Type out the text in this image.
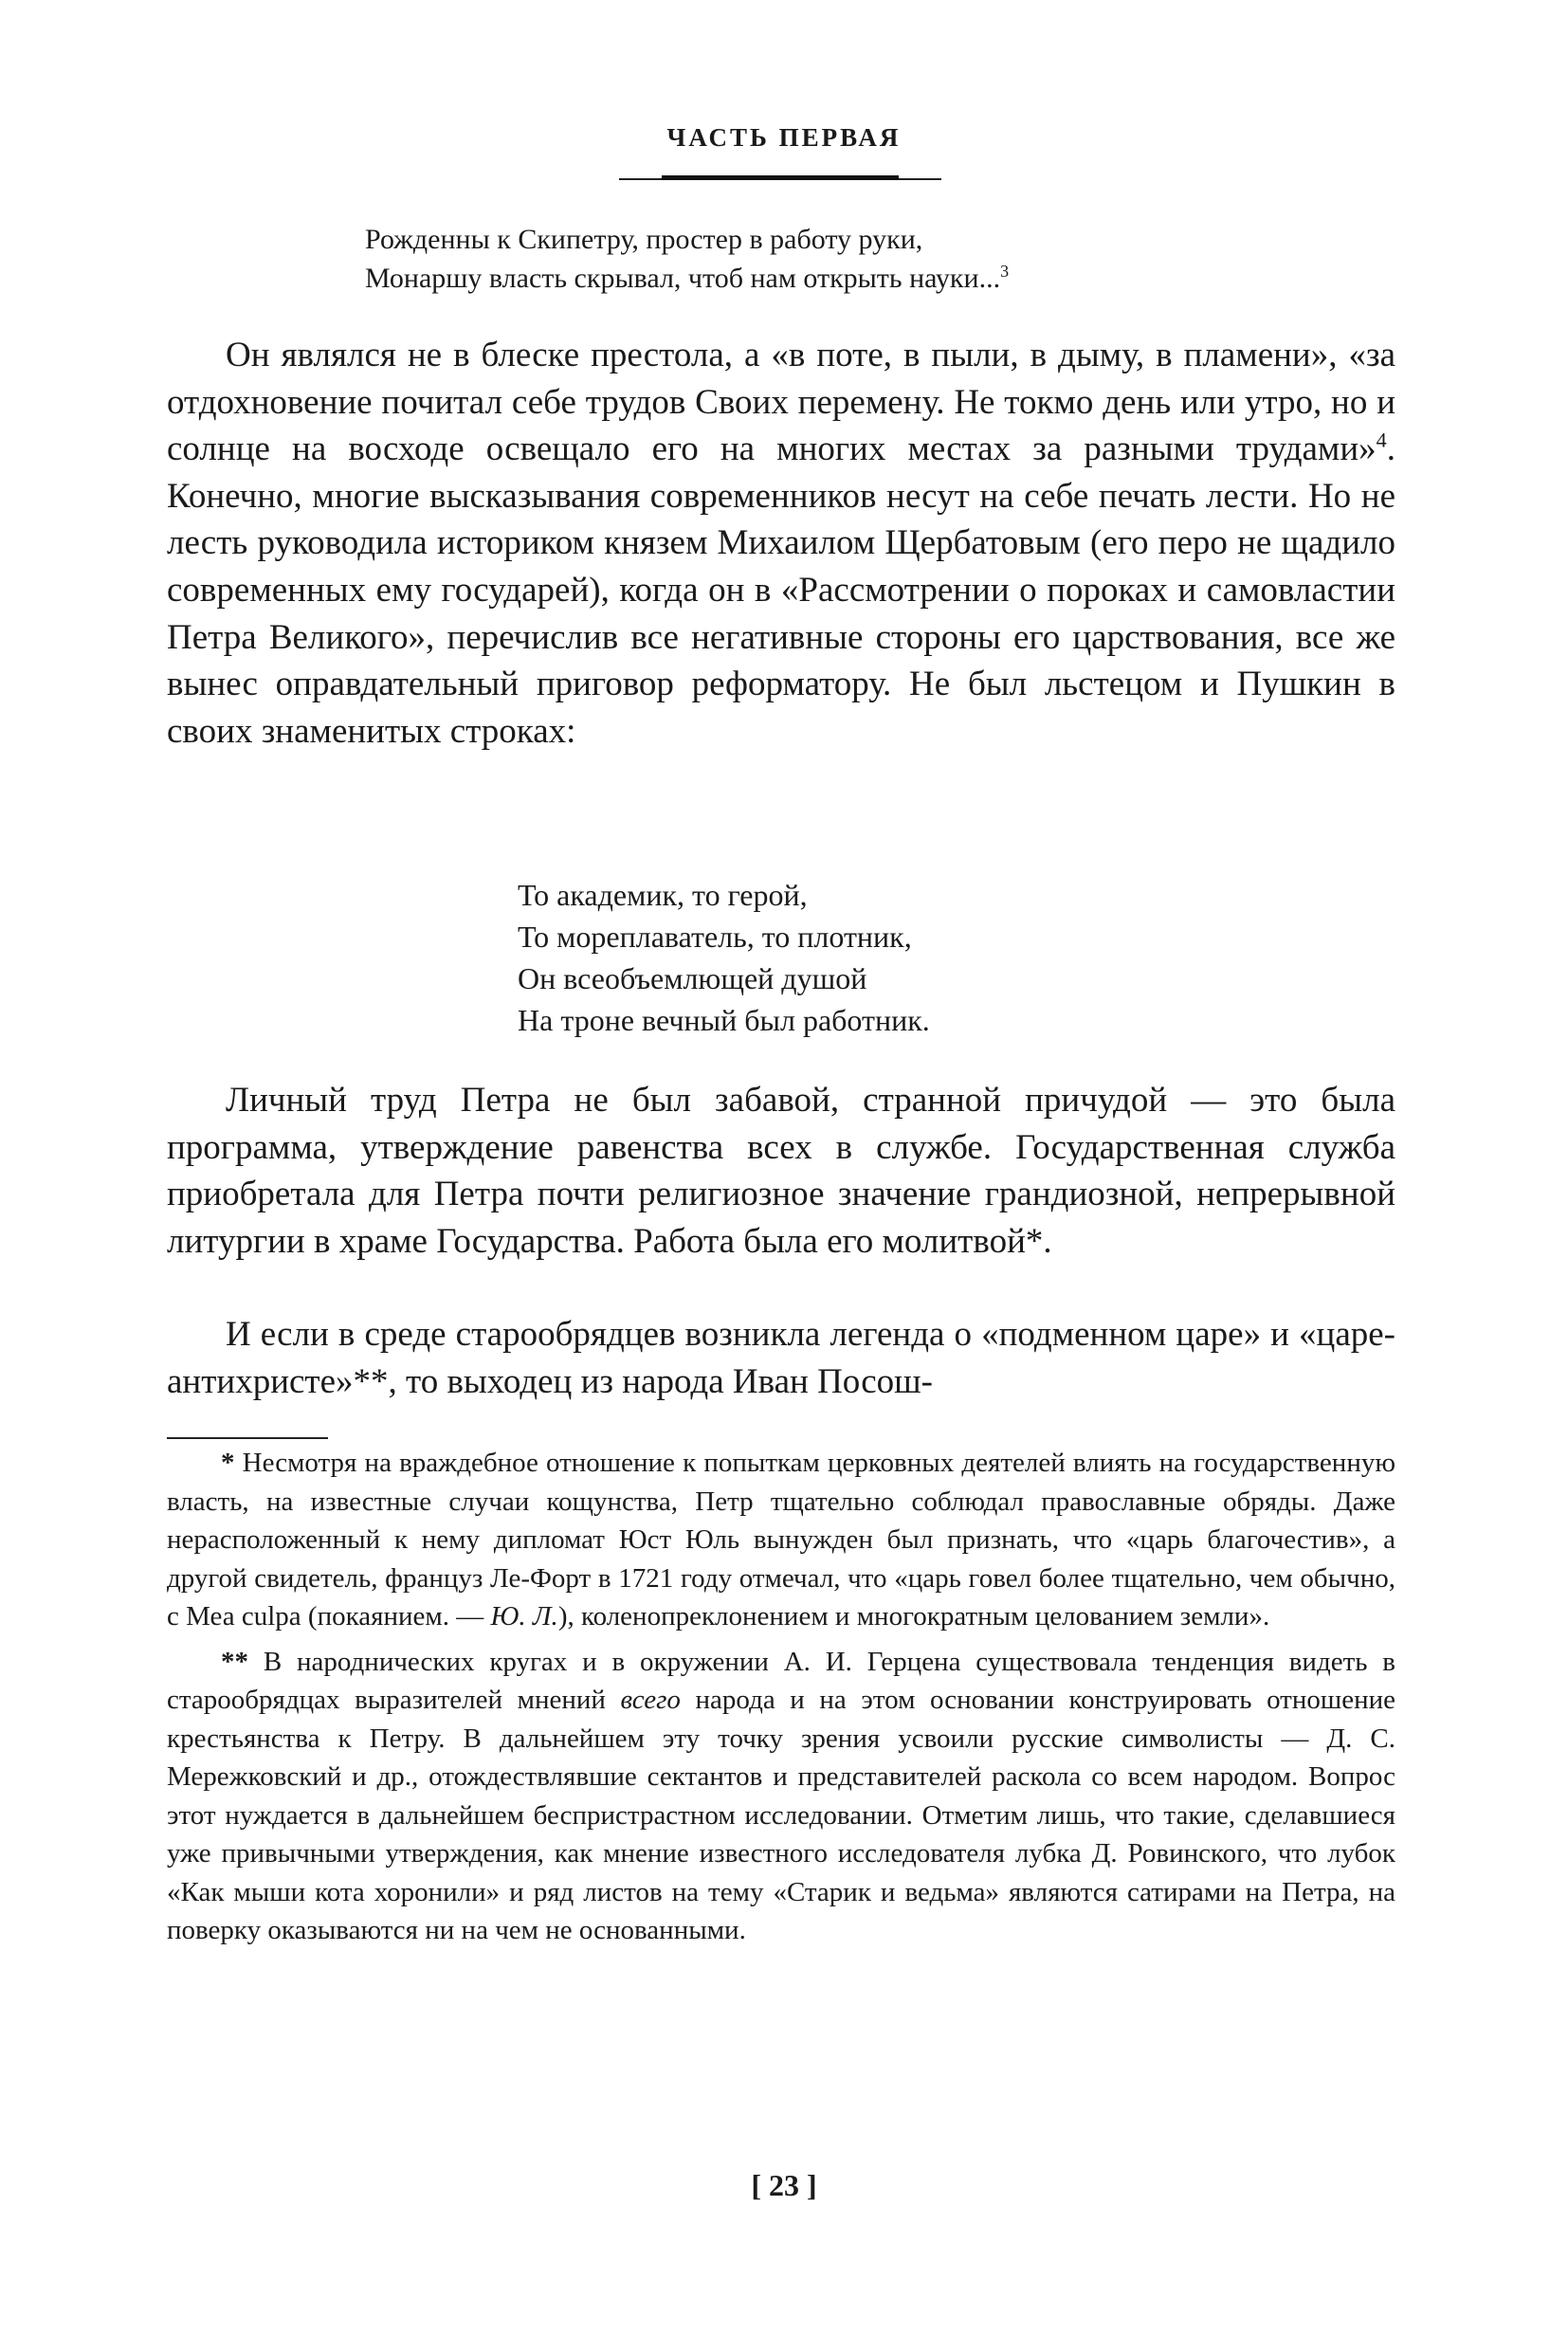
ЧАСТЬ ПЕРВАЯ
Рожденны к Скипетру, простер в работу руки,
Монаршу власть скрывал, чтоб нам открыть науки...$^3$

Он являлся не в блеске престола, а «в поте, в пыли, в дыму, в пламени», «за отдохновение почитал себе трудов Своих перемену. Не токмо день или утро, но и солнце на восходе освещало его на многих местах за разными трудами»$^4$. Конечно, многие высказывания современников несут на себе печать лести. Но не лесть руководила историком князем Михаилом Щербатовым (его перо не щадило современных ему государей), когда он в «Рассмотрении о пороках и самовластии Петра Великого», перечислив все негативные стороны его царствования, все же вынес оправдательный приговор реформатору. Не был льстецом и Пушкин в своих знаменитых строках:

То академик, то герой,
То мореплаватель, то плотник,
Он всеобъемлющей душой
На троне вечный был работник.

Личный труд Петра не был забавой, странной причудой — это была программа, утверждение равенства всех в службе. Государственная служба приобретала для Петра почти религиозное значение грандиозной, непрерывной литургии в храме Государства. Работа была его молитвой*.

И если в среде старообрядцев возникла легенда о «подменном царе» и «царе-антихристе»**, то выходец из народа Иван Посош-

* Несмотря на враждебное отношение к попыткам церковных деятелей влиять на государственную власть, на известные случаи кощунства, Петр тщательно соблюдал православные обряды. Даже нерасположенный к нему дипломат Юст Юль вынужден был признать, что «царь благочестив», а другой свидетель, француз Ле-Форт в 1721 году отмечал, что «царь говел более тщательно, чем обычно, с Меа culpa (покаянием. — Ю. Л.), коленопреклонением и многократным целованием земли».

** В народнических кругах и в окружении А. И. Герцена существовала тенденция видеть в старообрядцах выразителей мнений всего народа и на этом основании конструировать отношение крестьянства к Петру. В дальнейшем эту точку зрения усвоили русские символисты — Д. С. Мережковский и др., отождествлявшие сектантов и представителей раскола со всем народом. Вопрос этот нуждается в дальнейшем беспристрастном исследовании. Отметим лишь, что такие, сделавшиеся уже привычными утверждения, как мнение известного исследователя лубка Д. Ровинского, что лубок «Как мыши кота хоронили» и ряд листов на тему «Старик и ведьма» являются сатирами на Петра, на поверку оказываются ни на чем не основанными.

[ 23 ]
